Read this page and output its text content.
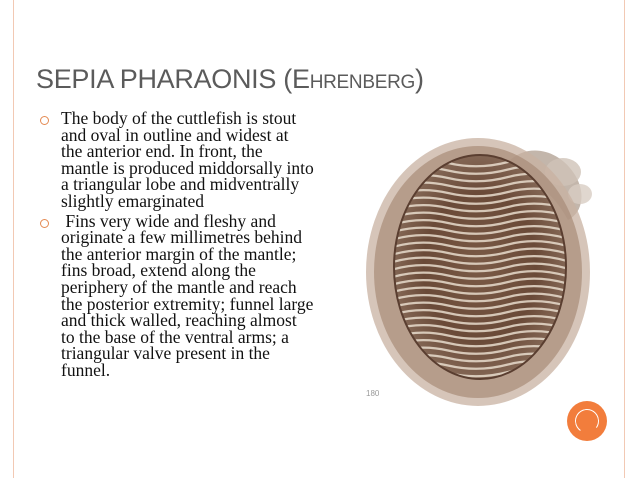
SEPIA PHARAONIS (EHRENBERG)
The body of the cuttlefish is stout
and oval in outline and widest at
the anterior end. In front, the
mantle is produced middorsally into
a triangular lobe and midventrally
slightly emarginated
Fins very wide and fleshy and
originate a few millimetres behind
the anterior margin of the mantle;
fins broad, extend along the
periphery of the mantle and reach
the posterior extremity; funnel large
and thick walled, reaching almost
to the base of the ventral arms; a
triangular valve present in the
funnel.
180
